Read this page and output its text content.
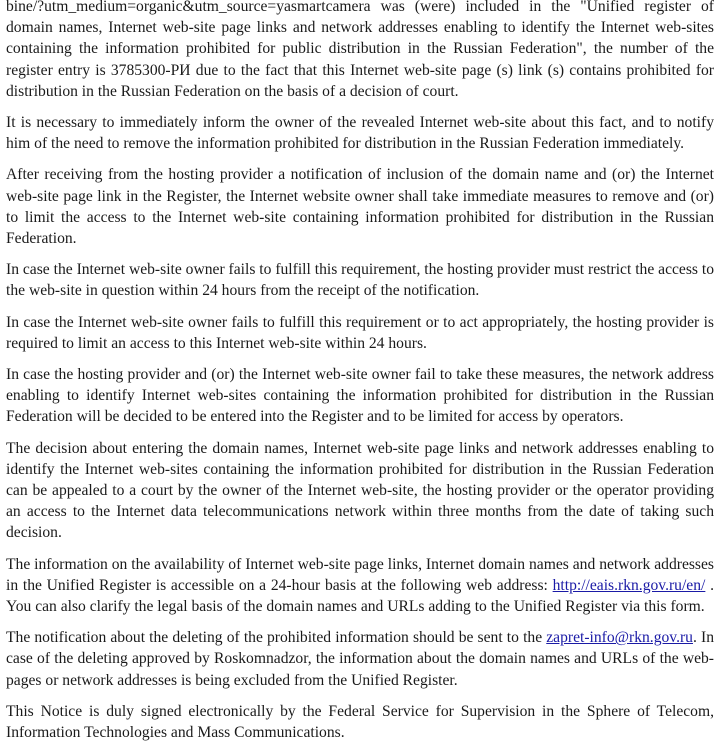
bine/?utm_medium=organic&utm_source=yasmartcamera was (were) included in the "Unified register of domain names, Internet web-site page links and network addresses enabling to identify the Internet web-sites containing the information prohibited for public distribution in the Russian Federation", the number of the register entry is 3785300-РИ due to the fact that this Internet web-site page (s) link (s) contains prohibited for distribution in the Russian Federation on the basis of a decision of court.

It is necessary to immediately inform the owner of the revealed Internet web-site about this fact, and to notify him of the need to remove the information prohibited for distribution in the Russian Federation immediately.

After receiving from the hosting provider a notification of inclusion of the domain name and (or) the Internet web-site page link in the Register, the Internet website owner shall take immediate measures to remove and (or) to limit the access to the Internet web-site containing information prohibited for distribution in the Russian Federation.

In case the Internet web-site owner fails to fulfill this requirement, the hosting provider must restrict the access to the web-site in question within 24 hours from the receipt of the notification.

In case the Internet web-site owner fails to fulfill this requirement or to act appropriately, the hosting provider is required to limit an access to this Internet web-site within 24 hours.

In case the hosting provider and (or) the Internet web-site owner fail to take these measures, the network address enabling to identify Internet web-sites containing the information prohibited for distribution in the Russian Federation will be decided to be entered into the Register and to be limited for access by operators.

The decision about entering the domain names, Internet web-site page links and network addresses enabling to identify the Internet web-sites containing the information prohibited for distribution in the Russian Federation can be appealed to a court by the owner of the Internet web-site, the hosting provider or the operator providing an access to the Internet data telecommunications network within three months from the date of taking such decision.

The information on the availability of Internet web-site page links, Internet domain names and network addresses in the Unified Register is accessible on a 24-hour basis at the following web address: http://eais.rkn.gov.ru/en/ . You can also clarify the legal basis of the domain names and URLs adding to the Unified Register via this form.

The notification about the deleting of the prohibited information should be sent to the zapret-info@rkn.gov.ru. In case of the deleting approved by Roskomnadzor, the information about the domain names and URLs of the web-pages or network addresses is being excluded from the Unified Register.

This Notice is duly signed electronically by the Federal Service for Supervision in the Sphere of Telecom, Information Technologies and Mass Communications.
